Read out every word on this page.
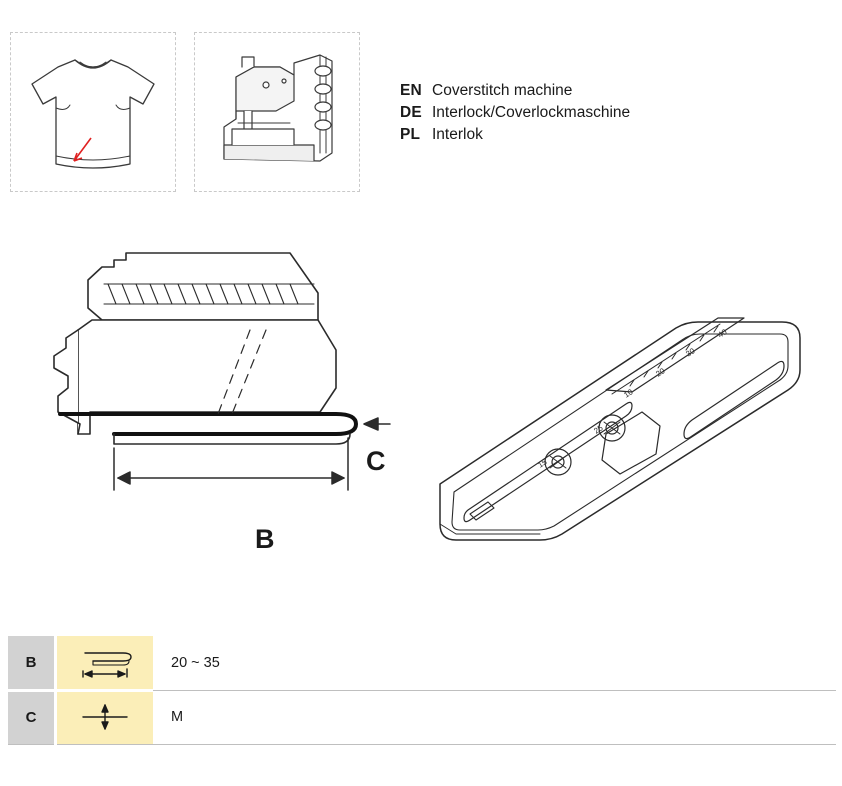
EN Coverstitch machine
DE Interlock/Coverlockmaschine
PL Interlok
B
C
10
20
30
40
15
25
B		20 ~ 35
C		M
